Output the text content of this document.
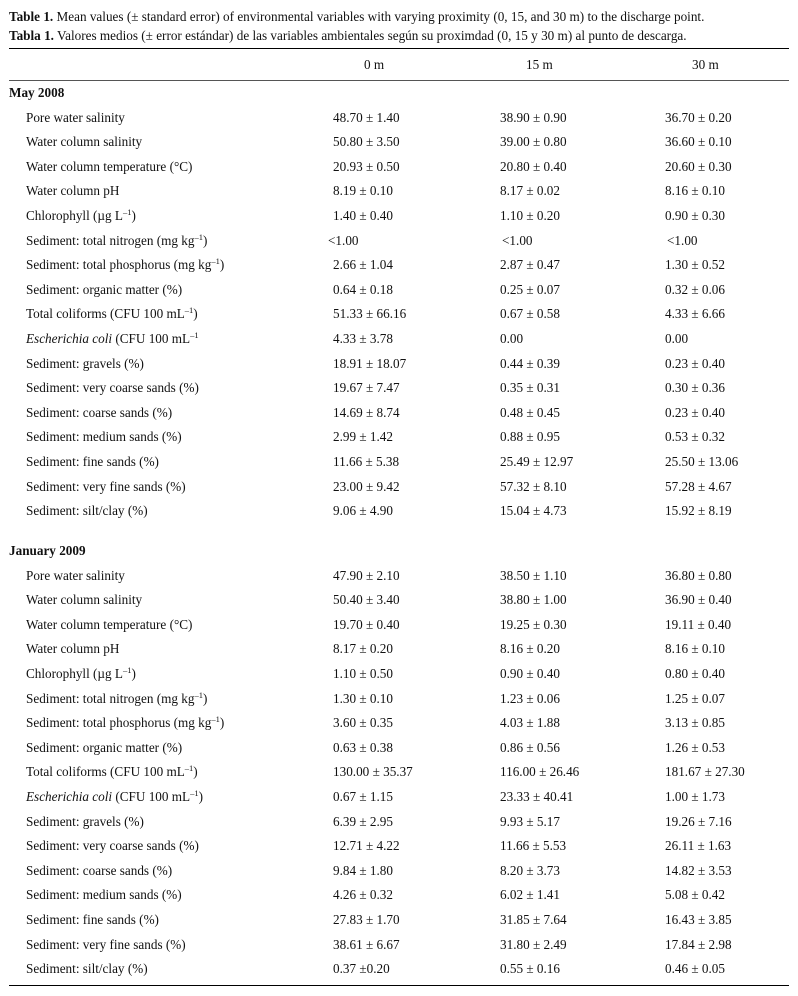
Table 1. Mean values (± standard error) of environmental variables with varying proximity (0, 15, and 30 m) to the discharge point.
Tabla 1. Valores medios (± error estándar) de las variables ambientales según su proximdad (0, 15 y 30 m) al punto de descarga.
0 m	15 m	30 m
May 2008
Pore water salinity	48.70 ± 1.40	38.90 ± 0.90	36.70 ± 0.20
Water column salinity	50.80 ± 3.50	39.00 ± 0.80	36.60 ± 0.10
Water column temperature (°C)	20.93 ± 0.50	20.80 ± 0.40	20.60 ± 0.30
Water column pH	8.19 ± 0.10	8.17 ± 0.02	8.16 ± 0.10
Chlorophyll (µg $L^{-1}$)	1.40 ± 0.40	1.10 ± 0.20	0.90 ± 0.30
Sediment: total nitrogen (mg $kg^{-1}$)	<1.00	<1.00	<1.00
Sediment: total phosphorus (mg $kg^{-1}$)	2.66 ± 1.04	2.87 ± 0.47	1.30 ± 0.52
Sediment: organic matter (%)	0.64 ± 0.18	0.25 ± 0.07	0.32 ± 0.06
Total coliforms (CFU 100 $mL^{-1}$)	51.33 ± 66.16	0.67 ± 0.58	4.33 ± 6.66
Escherichia coli (CFU 100 $mL^{-1}$	4.33 ± 3.78	0.00	0.00
Sediment: gravels (%)	18.91 ± 18.07	0.44 ± 0.39	0.23 ± 0.40
Sediment: very coarse sands (%)	19.67 ± 7.47	0.35 ± 0.31	0.30 ± 0.36
Sediment: coarse sands (%)	14.69 ± 8.74	0.48 ± 0.45	0.23 ± 0.40
Sediment: medium sands (%)	2.99 ± 1.42	0.88 ± 0.95	0.53 ± 0.32
Sediment: fine sands (%)	11.66 ± 5.38	25.49 ± 12.97	25.50 ± 13.06
Sediment: very fine sands (%)	23.00 ± 9.42	57.32 ± 8.10	57.28 ± 4.67
Sediment: silt/clay (%)	9.06 ± 4.90	15.04 ± 4.73	15.92 ± 8.19
January 2009
Pore water salinity	47.90 ± 2.10	38.50 ± 1.10	36.80 ± 0.80
Water column salinity	50.40 ± 3.40	38.80 ± 1.00	36.90 ± 0.40
Water column temperature (°C)	19.70 ± 0.40	19.25 ± 0.30	19.11 ± 0.40
Water column pH	8.17 ± 0.20	8.16 ± 0.20	8.16 ± 0.10
Chlorophyll (µg $L^{-1}$)	1.10 ± 0.50	0.90 ± 0.40	0.80 ± 0.40
Sediment: total nitrogen (mg $kg^{-1}$)	1.30 ± 0.10	1.23 ± 0.06	1.25 ± 0.07
Sediment: total phosphorus (mg $kg^{-1}$)	3.60 ± 0.35	4.03 ± 1.88	3.13 ± 0.85
Sediment: organic matter (%)	0.63 ± 0.38	0.86 ± 0.56	1.26 ± 0.53
Total coliforms (CFU 100 $mL^{-1}$)	130.00 ± 35.37	116.00 ± 26.46	181.67 ± 27.30
Escherichia coli (CFU 100 $mL^{-1}$)	0.67 ± 1.15	23.33 ± 40.41	1.00 ± 1.73
Sediment: gravels (%)	6.39 ± 2.95	9.93 ± 5.17	19.26 ± 7.16
Sediment: very coarse sands (%)	12.71 ± 4.22	11.66 ± 5.53	26.11 ± 1.63
Sediment: coarse sands (%)	9.84 ± 1.80	8.20 ± 3.73	14.82 ± 3.53
Sediment: medium sands (%)	4.26 ± 0.32	6.02 ± 1.41	5.08 ± 0.42
Sediment: fine sands (%)	27.83 ± 1.70	31.85 ± 7.64	16.43 ± 3.85
Sediment: very fine sands (%)	38.61 ± 6.67	31.80 ± 2.49	17.84 ± 2.98
Sediment: silt/clay (%)	0.37 ±0.20	0.55 ± 0.16	0.46 ± 0.05
